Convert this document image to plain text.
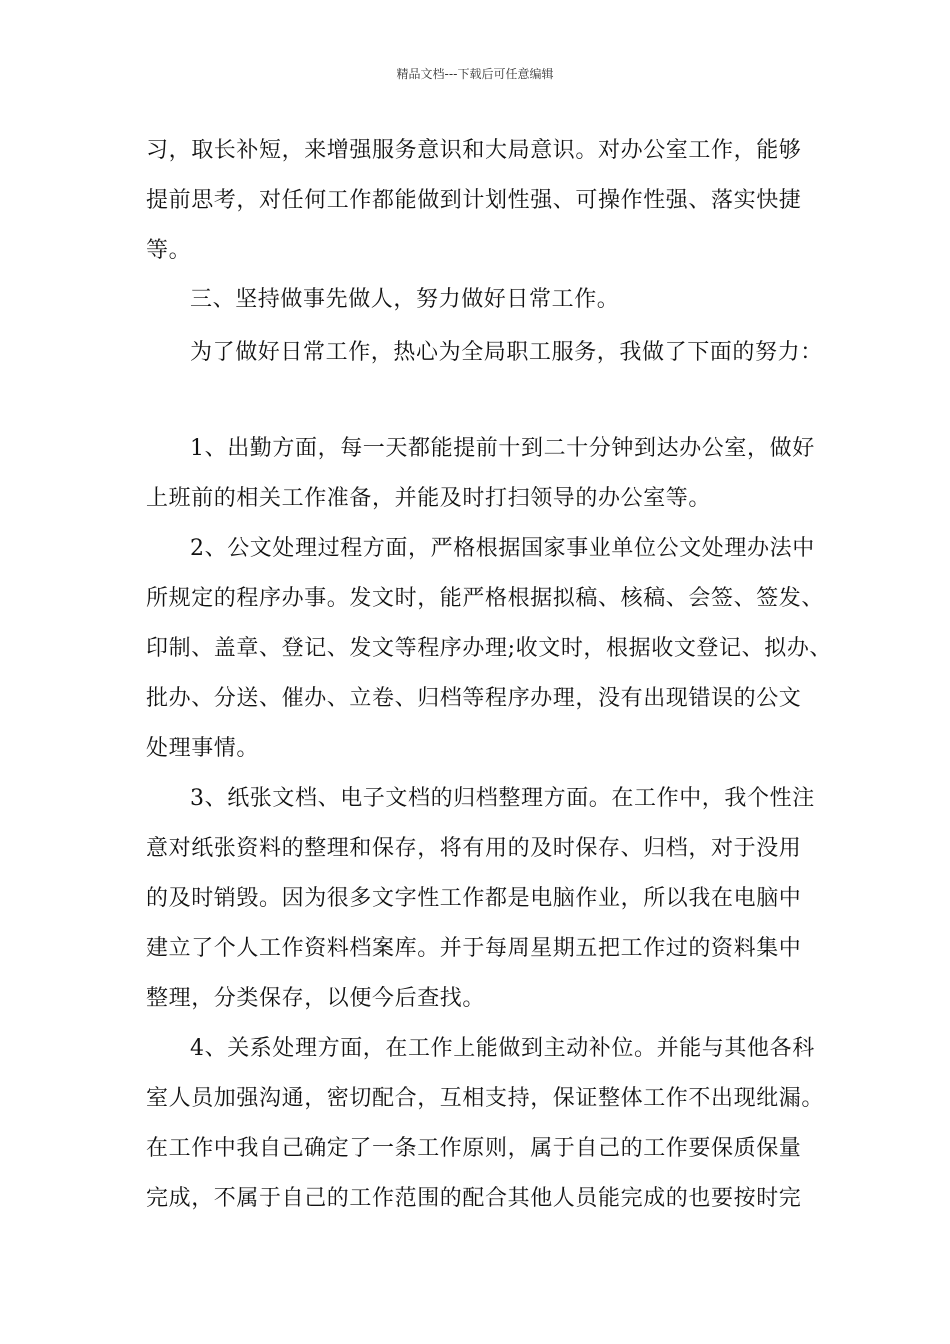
精品文档---下载后可任意编辑
习，取长补短，来增强服务意识和大局意识。对办公室工作，能够
提前思考，对任何工作都能做到计划性强、可操作性强、落实快捷
等。
三、坚持做事先做人，努力做好日常工作。
为了做好日常工作，热心为全局职工服务，我做了下面的努力：
1、出勤方面，每一天都能提前十到二十分钟到达办公室，做好
上班前的相关工作准备，并能及时打扫领导的办公室等。
2、公文处理过程方面，严格根据国家事业单位公文处理办法中
所规定的程序办事。发文时，能严格根据拟稿、核稿、会签、签发、
印制、盖章、登记、发文等程序办理;收文时，根据收文登记、拟办、
批办、分送、催办、立卷、归档等程序办理，没有出现错误的公文
处理事情。
3、纸张文档、电子文档的归档整理方面。在工作中，我个性注
意对纸张资料的整理和保存，将有用的及时保存、归档，对于没用
的及时销毁。因为很多文字性工作都是电脑作业，所以我在电脑中
建立了个人工作资料档案库。并于每周星期五把工作过的资料集中
整理，分类保存，以便今后查找。
4、关系处理方面，在工作上能做到主动补位。并能与其他各科
室人员加强沟通，密切配合，互相支持，保证整体工作不出现纰漏。
在工作中我自己确定了一条工作原则，属于自己的工作要保质保量
完成，不属于自己的工作范围的配合其他人员能完成的也要按时完
